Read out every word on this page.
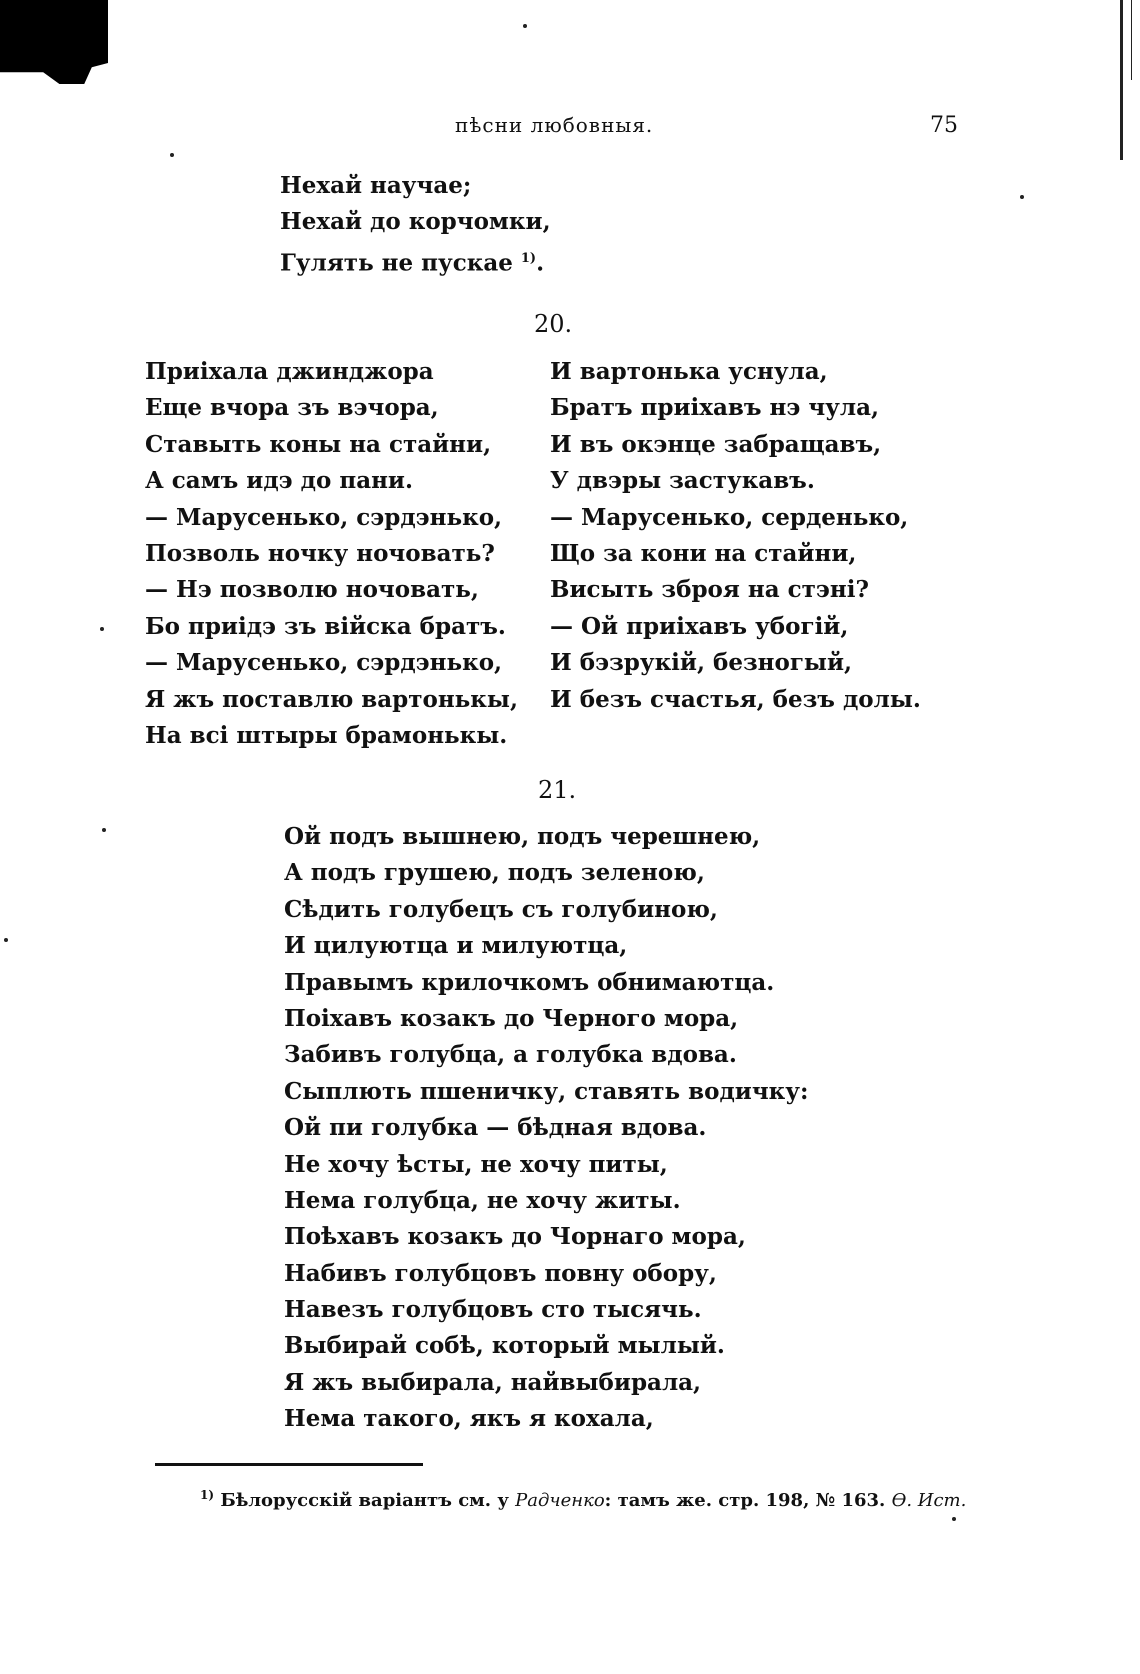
пѣсни любовныя.	75
Нехай научае;
Нехай до корчомки,
Гулять не пускае $^{1)}$.
20.
Приіхала джинджора
Еще вчора зъ вэчора,
Ставыть коны на стайни,
А самъ идэ до пани.
— Марусенько, сэрдэнько,
Позволь ночку ночовать?
— Нэ позволю ночовать,
Бо приідэ зъ війска братъ.
— Марусенько, сэрдэнько,
Я жъ поставлю вартонькы,
На всі штыры брамонькы.
И вартонька уснула,
Братъ приіхавъ нэ чула,
И въ окэнце забращавъ,
У двэры застукавъ.
— Марусенько, серденько,
Що за кони на стайни,
Висыть зброя на стэні?
— Ой приіхавъ убогій,
И бэзрукій, безногый,
И безъ счастья, безъ долы.
21.
Ой подъ вышнею, подъ черешнею,
А подъ грушею, подъ зеленою,
Сѣдить голубецъ съ голубиною,
И цилуютца и милуютца,
Правымъ крилочкомъ обнимаютца.
Поіхавъ козакъ до Черного мора,
Забивъ голубца, а голубка вдова.
Сыплють пшеничку, ставять водичку:
Ой пи голубка — бѣдная вдова.
Не хочу ѣсты, не хочу питы,
Нема голубца, не хочу житы.
Поѣхавъ козакъ до Чорнаго мора,
Набивъ голубцовъ повну обору,
Навезъ голубцовъ сто тысячь.
Выбирай собѣ, который мылый.
Я жъ выбирала, найвыбирала,
Нема такого, якъ я кохала,
$^{1)}$ Бѣлорусскій варіантъ см. у Радченко: тамъ же. стр. 198, № 163. Ѳ. Ист.
